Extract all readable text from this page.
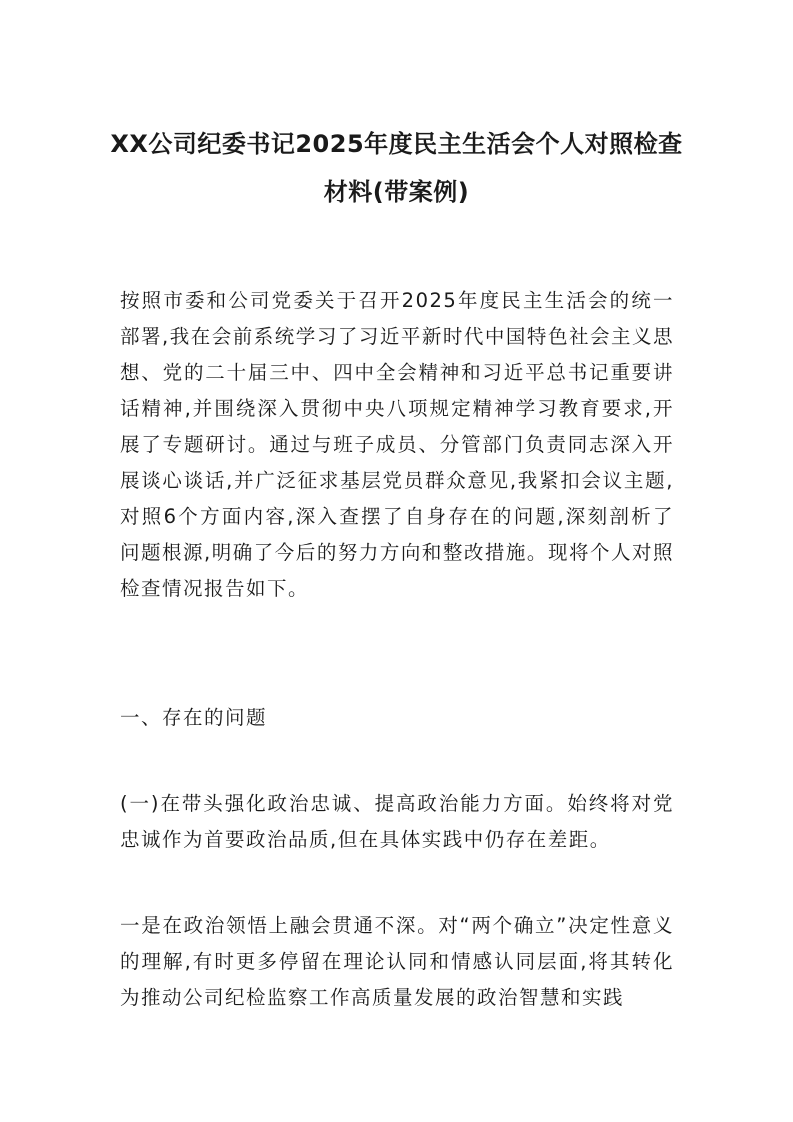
XX公司纪委书记2025年度民主生活会个人对照检查材料(带案例)

按照市委和公司党委关于召开2025年度民主生活会的统一部署,我在会前系统学习了习近平新时代中国特色社会主义思想、党的二十届三中、四中全会精神和习近平总书记重要讲话精神,并围绕深入贯彻中央八项规定精神学习教育要求,开展了专题研讨。通过与班子成员、分管部门负责同志深入开展谈心谈话,并广泛征求基层党员群众意见,我紧扣会议主题,对照6个方面内容,深入查摆了自身存在的问题,深刻剖析了问题根源,明确了今后的努力方向和整改措施。现将个人对照检查情况报告如下。

一、存在的问题

(一)在带头强化政治忠诚、提高政治能力方面。始终将对党忠诚作为首要政治品质,但在具体实践中仍存在差距。

一是在政治领悟上融会贯通不深。对“两个确立”决定性意义的理解,有时更多停留在理论认同和情感认同层面,将其转化为推动公司纪检监察工作高质量发展的政治智慧和实践
